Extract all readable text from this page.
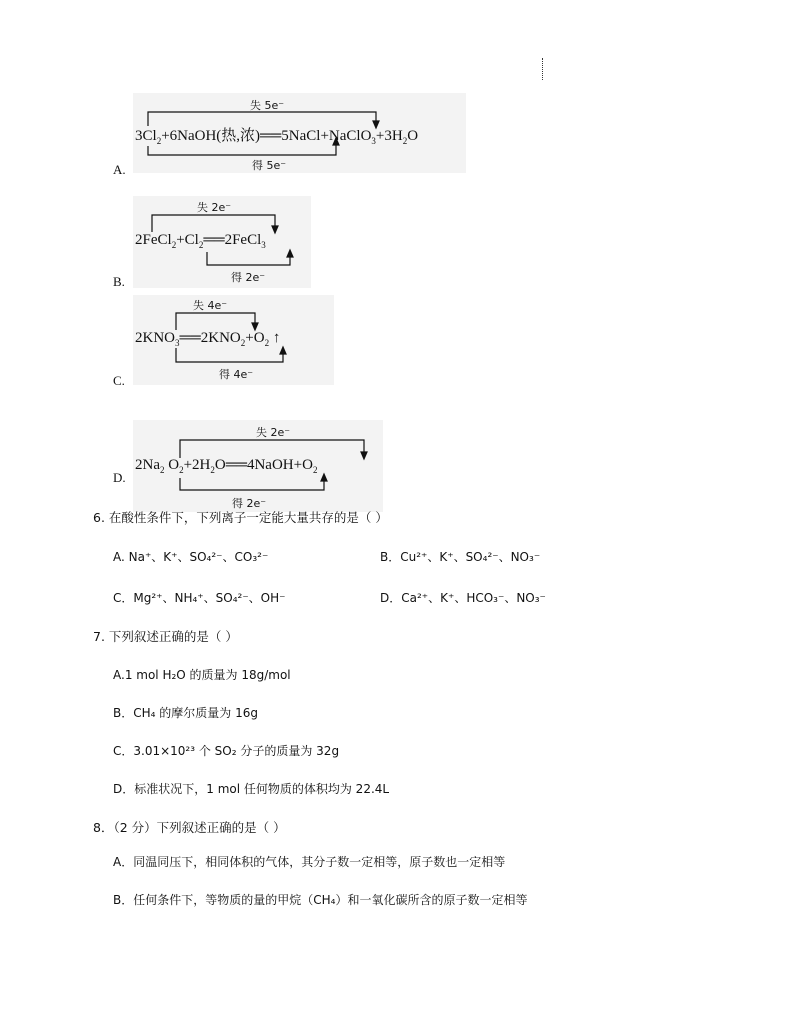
失 5e⁻
$3Cl_2+6NaOH$(热,浓)$══5NaCl+NaClO_3+3H_2O$
得 5e⁻
A.
失 2e⁻
$2FeCl_2+Cl_2══2FeCl_3$
得 2e⁻
B.
失 4e⁻
$2KNO_3══2KNO_2+O_2$ ↑
得 4e⁻
C.
失 2e⁻
$2Na_2$ $O_2+2H_2O══4NaOH+O_2$
得 2e⁻
D.
6. 在酸性条件下，下列离子一定能大量共存的是（ ）
A. Na⁺、K⁺、SO₄²⁻、CO₃²⁻	B．Cu²⁺、K⁺、SO₄²⁻、NO₃⁻
C．Mg²⁺、NH₄⁺、SO₄²⁻、OH⁻	D．Ca²⁺、K⁺、HCO₃⁻、NO₃⁻
7. 下列叙述正确的是（ ）
A.1 mol H₂O 的质量为 18g/mol
B．CH₄ 的摩尔质量为 16g
C．3.01×10²³ 个 SO₂ 分子的质量为 32g
D．标准状况下，1 mol 任何物质的体积均为 22.4L
8．（2 分）下列叙述正确的是（ ）
A．同温同压下，相同体积的气体，其分子数一定相等，原子数也一定相等
B．任何条件下，等物质的量的甲烷（CH₄）和一氧化碳所含的原子数一定相等
